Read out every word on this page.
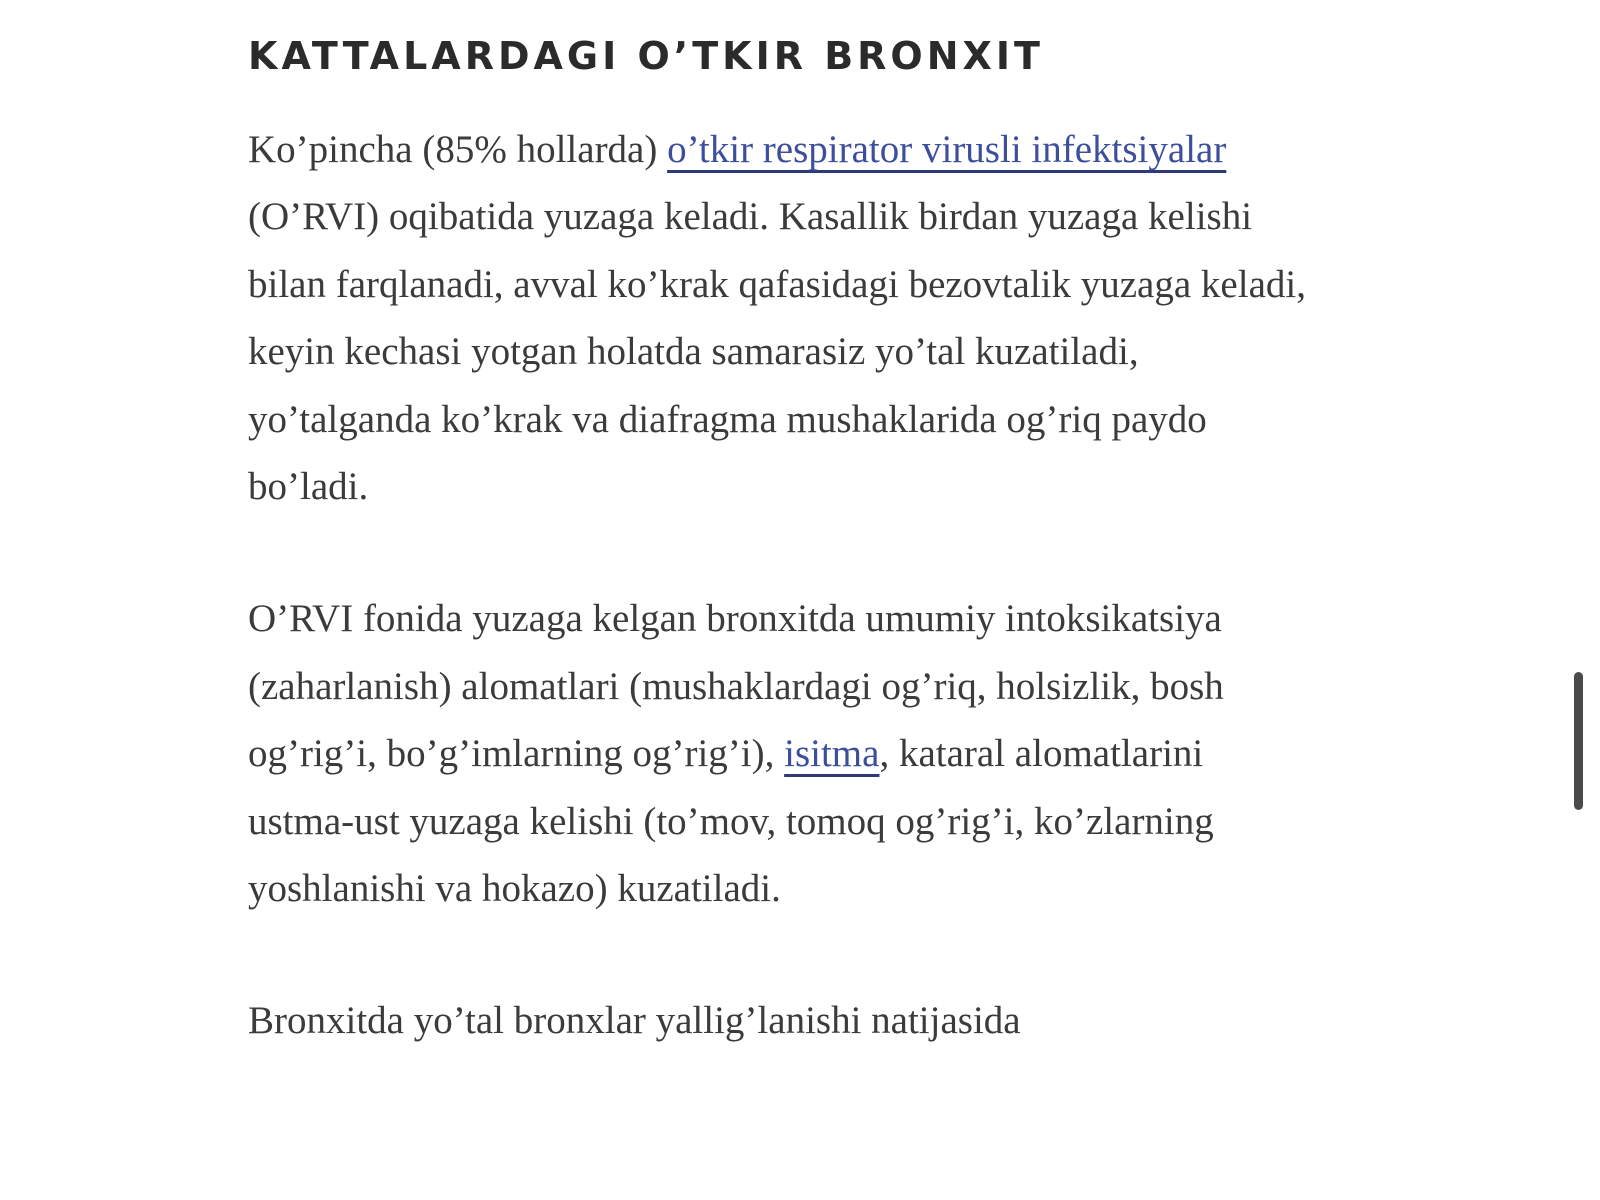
KATTALARDAGI O’TKIR BRONXIT

Ko’pincha (85% hollarda) o’tkir respirator virusli infektsiyalar (O’RVI) oqibatida yuzaga keladi. Kasallik birdan yuzaga kelishi bilan farqlanadi, avval ko’krak qafasidagi bezovtalik yuzaga keladi, keyin kechasi yotgan holatda samarasiz yo’tal kuzatiladi, yo’talganda ko’krak va diafragma mushaklarida og’riq paydo bo’ladi.

O’RVI fonida yuzaga kelgan bronxitda umumiy intoksikatsiya (zaharlanish) alomatlari (mushaklardagi og’riq, holsizlik, bosh og’rig’i, bo’g’imlarning og’rig’i), isitma, kataral alomatlarini ustma-ust yuzaga kelishi (to’mov, tomoq og’rig’i, ko’zlarning yoshlanishi va hokazo) kuzatiladi.

Bronxitda yo’tal bronxlar yallig’lanishi natijasida
